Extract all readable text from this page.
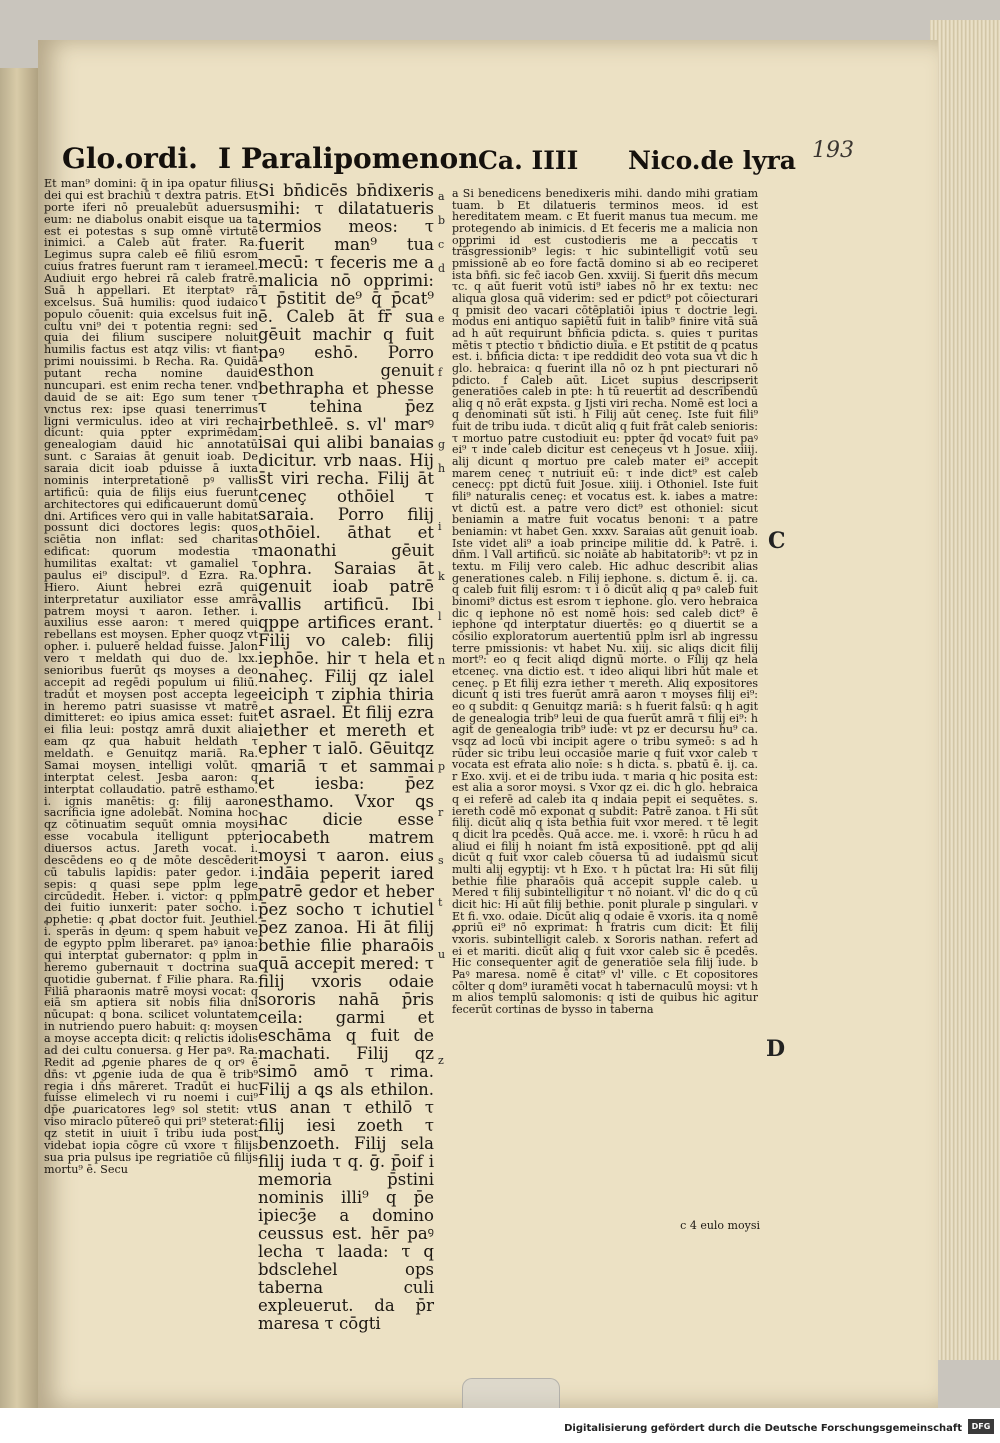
Glo.ordi. I Paralipomenon Ca. IIII Nico.de lyra 193
Et man⁹ domini: q̄ in ipa opatur filius dei qui est brachiū τ dextra patris. Et porte iferi nō preualebūt aduersus eum: ne diabolus onabit eisque ua ta est ei potestas s sup omnē virtutē inimici. a Caleb aūt frater. Ra. Legimus supra caleb eē filiū esrom cuius fratres fuerunt ram τ ierameel. Audiuit ergo hebrei rā caleb fratrē. Suā h appellari. Et iterptatꝰ rā excelsus. Suā humilis: quod iudaico populo cōuenit: quia excelsus fuit in cultu vni⁹ dei τ potentia regni: sed quia dei filium suscipere noluit humilis factus est atqz vilis: vt fiant primi nouissimi. b Recha. Ra. Quidā putant recha nomine dauid nuncupari. est enim recha tener. vnd dauid de se ait: Ego sum tener τ vnctus rex: ipse quasi tenerrimus ligni vermiculus. ideo at viri recha dicunt: quia ppter exprimēdam genealogiam dauid hic annotatū sunt. c Saraias āt genuit ioab. De saraia dicit ioab pduisse ā iuxta nominis interpretationē pꝰ vallis artificū: quia de filijs eius fuerunt architectores qui edificauerunt domū dni. Artifices vero qui in valle habitat possunt dici doctores legis: quos sciētia non inflat: sed charitas edificat: quorum modestia τ humilitas exaltat: vt gamaliel τ paulus ei⁹ discipul⁹. d Ezra. Ra. Hiero. Aiunt hebrei ezrā qui interpretatur auxiliator esse amrā patrem moysi τ aaron. Iether. i. auxilius esse aaron: τ mered qui rebellans est moysen. Epher quoqz vt opher. i. puluerē heldad fuisse. Jalon vero τ meldath qui duo de. lxx. senioribus fuerūt qs moyses a deo accepit ad regēdi populum ui filiū. tradūt et moysen post accepta lege in heremo patri suasisse vt matrē dimitteret: eo ipius amica esset: fuit ei filia leui: postqz amrā duxit alia eam qz qua habuit heldath τ meldath. e Genuitqz mariā. Ra. Samai moysen intelligi volūt. q interptat celest̄. Jesba aaron: q interptat collaudatio. patrē esthamo. i. ignis manētis: q: filij aaron sacrificia igne adolebāt. Nomina hoc qz cōtinuatim sequūt omnia moysi esse vocabula itelligunt ppter diuersos actus. Jareth vocat. i. descēdens eo q de mōte descēderit cū tabulis lapidis: pater gedor. i. sepis: q quasi sepe ppl̄m lege circūdedit. Heber. i. victor: q ppl̄m dei fuitio iunxerit: pater socho. i. ꝓphetie: q ꝓbat doctor fuit. Jeuthiel. i. sperās in deum: q spem habuit ve de egypto ppl̄m liberaret. paꝰ ianoa: qui interptat gubernator: q ppl̄m in heremo gubernauit τ doctrina sua quotidie gubernat. f Filie phara. Ra. Filiā pharaonis matrē moysi vocat: q eiā sm aptiera sit nobis filia dni nūcupat: q bona. scilicet voluntatem in nutriendo puero habuit: q: moysen a moyse accepta dicit: q relictis idolis ad dei cultu conuersa. g Her paꝰ. Ra. Redit ad ꝓgenie phares de q orꝰ ē dn̄s: vt ꝓgenie iuda de qua ē trib⁹ regia i dn̄s māreret. Tradūt ei huc fuisse elimelech vi ru noemi i cui⁹ dp̄e ꝓuaricatores legꝰ sol stetit: vt viso miraclo pūtereō qui pri⁹ steterat: qz stetit in uiuit ī tribu iuda post videbat iopia cōgre cū vxore τ filijs sua pria pulsus ipe regriatiōe cū filijs mortu⁹ ē. Secu
Si bn̄dicēs bn̄dixeris mihi: τ dilatatueris termios meos: τ fuerit man⁹ tua mecū: τ feceris me a malicia nō opprimi: τ p̄stitit de⁹ q̄ p̄cat⁹ ē. Caleb āt fr̄ sua gēuit machir q fuit paꝰ eshō. Porro esthon genuit bethrapha et phesse τ tehina p̄ez irbethleē. s. vl' marꝰ isai qui alibi banaias dicitur. vrb naas. Hij s̄t viri recha. Filij āt ceneç othōiel τ saraia. Porro filij othōiel. āthat et maonathi gēuit ophra. Saraias āt genuit ioab patrē vallis artificū. Ibi qppe artifices erant. Filij vo caleb: filij iephōe. hir τ hela et naheç. Filij qz ialel eiciph τ ziphia thiria et asrael. Et filij ezra iether et mereth et epher τ ialō. Gēuitqz mariā τ et sammai et iesba: p̄ez esthamo. Vxor ꝗs hac dicie esse iocabeth matrem moysi τ aaron. eius indāia peperit iared patrē gedor et heber p̄ez socho τ ichutiel p̄ez zanoa. Hi āt filij bethie filie pharaōis quā accepit mered: τ filij vxoris odaie sororis nahā p̄ris ceila: garmi et eschāma q fuit de machati. Filij qz simō amō τ rima. Filij a ꝗs als ethilon. us anan τ ethilō τ filij iesi zoeth τ benzoeth. Filij sela filij iuda τ q. ḡ. p̄oif i memoria p̄stini nominis illi⁹ q p̄e ipiecȝ̄e a domino ceussus est. hēr paꝰ lecha τ laada: τ q bdsclehel ops taberna culi expleuerut. da p̄r maresa τ cōgti
a
b
c
d
e
f
g
h
i
k
l
n
p
r
s
t
u
z
a Si benedicens benedixeris mihi. dando mihi gratiam tuam. b Et dilatueris terminos meos. id est hereditatem meam. c Et fuerit manus tua mecum. me protegendo ab inimicis. d Et feceris me a malicia non opprimi id est custodieris me a peccatis τ trāsgressionib⁹ legis: τ hic subintelligit votū seu pmissionē ab eo fore factā domino si ab eo reciperet ista bn̄fi. sic fec̄ iacob Gen. xxviij. Si fuerit dn̄s mecum τc. q aūt fuerit votū isti⁹ iabes nō h̄r ex textu: nec aliqua glosa quā viderim: sed er pdict⁹ pot cōiecturari q pmisit deo vacari cōtēplatiōi ipius τ doctrie legi. modus eni antiquo sapiētū fuit in talib⁹ finire vitā suā ad h aūt requirunt bn̄ficia pdicta. s. quies τ puritas mētis τ ptectio τ bn̄dictio diuīa. e Et pstitit de q pcatus est. i. bn̄ficia dicta: τ ipe reddidit deo vota sua vt dic h glo. hebraica: q fuerint illa nō oz h pnt piecturari nō pdicto. f Caleb aūt. Licet supius descripserit generatiōes caleb in pte: h tū reuertit ad descrībendū aliq q nō erāt expsta. g Ijsti viri recha. Nomē est loci a q denominati sūt isti. h Filij aūt ceneç. Iste fuit fili⁹ fuit de tribu iuda. τ dicūt aliq q fuit frāt caleb senioris: τ mortuo patre custodiuit eu: ppter q̄d vocatꝰ fuit paꝰ ei⁹ τ inde caleb dicitur est ceneçeus vt h Josue. xiiij. alij dicunt q mortuo pre caleb mater ei⁹ accepit marem ceneç τ nutriuit eū: τ inde dict⁹ est caleb cenecç: ppt dictū fuit Josue. xiiij. i Othoniel. Iste fuit fili⁹ naturalis ceneç: et vocatus est. k. iabes a matre: vt dictū est. a patre vero dict⁹ est othoniel: sicut beniamin a matre fuit vocatus benoni: τ a patre beniamin: vt habet Gen. xxxv. Saraias aūt genuit ioab. Iste videt ali⁹ a ioab principe militie dd. k Patrē. i. dn̄m. l Vall artificū. sic noiāte ab habitatorib⁹: vt pz in textu. m Filij vero caleb. Hic adhuc describit alias generationes caleb. n Filij iephone. s. dictum ē. ij. ca. q caleb fuit filij esrom: τ i ō dicūt aliq q paꝰ caleb fuit binomi⁹ dictus est esrom τ iephone. glo. vero hebraica dic q iephone nō est nomē hois: sed caleb dict⁹ ē iephone qd interptatur diuertēs: eo q diuertit se a cōsilio exploratorum auertentiū ppl̄m isrl ab ingressu terre pmissionis: vt habet Nu. xiij. sic aliqs dicit filij mort⁹: eo q fecit aliqd dignū morte. o Filij qz hela etceneç. vna dictio est. τ ideo aliqui libri hūt male et ceneç. p Et filij ezra iether τ mereth. Aliq expositores dicunt q isti tres fuerūt amrā aaron τ moyses filij ei⁹: eo q subdit: q Genuitqz mariā: s h fuerit falsū: q h agit de genealogia trib⁹ leui de qua fuerūt amrā τ filij ei⁹: h agit de genealogia trib⁹ iude: vt pz er decursu hu⁹ ca. vsqz ad locū vbi incipit agere o tribu symeō: s ad h rūder sic tribu leui occasiōe marie q fuit vxor caleb τ vocata est efrata alio noīe: s h dicta. s. pbatū ē. ij. ca. r Exo. xvij. et ei de tribu iuda. τ maria q hic posita est: est alia a soror moysi. s Vxor qz ei. dic h glo. hebraica q ei referē ad caleb ita q indaia pepit ei sequētes. s. iereth codē mō exponat q subdit: Patrē zanoa. t Hi sūt filij. dicūt aliq q ista bethia fuit vxor mered. τ tē legit q dicit lra pcedēs. Quā acce. me. i. vxorē: h rūcu h ad aliud ei filij h noiant fm istā expositionē. ppt qd alij dicūt q fuit vxor caleb cōuersa tū ad iudaismū sicut multi alij egyptij: vt h Exo. τ h pūctat lra: Hi sūt filij bethie filie pharaōis quā accepit supple caleb. u Mered τ filij subintelligitur τ nō noiant. vl' dic do q cū dicit hic: Hi aūt filij bethie. ponit plurale p singulari. v Et fi. vxo. odaie. Dicūt aliq q odaie ē vxoris. ita q nomē ꝓpriū ei⁹ nō exprimat: h fratris cum dicit: Et filij vxoris. subintelligit caleb. x Sororis nathan. refert ad ei et mariti. dicūt aliq q fuit vxor caleb sic ē pcedēs. Hic consequenter agit de generatiōe sela filij iude. b Paꝰ maresa. nomē ē citat⁹ vl' ville. c Et copositores cōlter q dom⁹ iuramēti vocat h tabernaculū moysi: vt h m alios templū salomonis: q isti de quibus hic agitur fecerūt cortinas de bysso in taberna
c 4 eulo moysi
C
D
Digitalisierung gefördert durch die Deutsche Forschungsgemeinschaft	DFG
